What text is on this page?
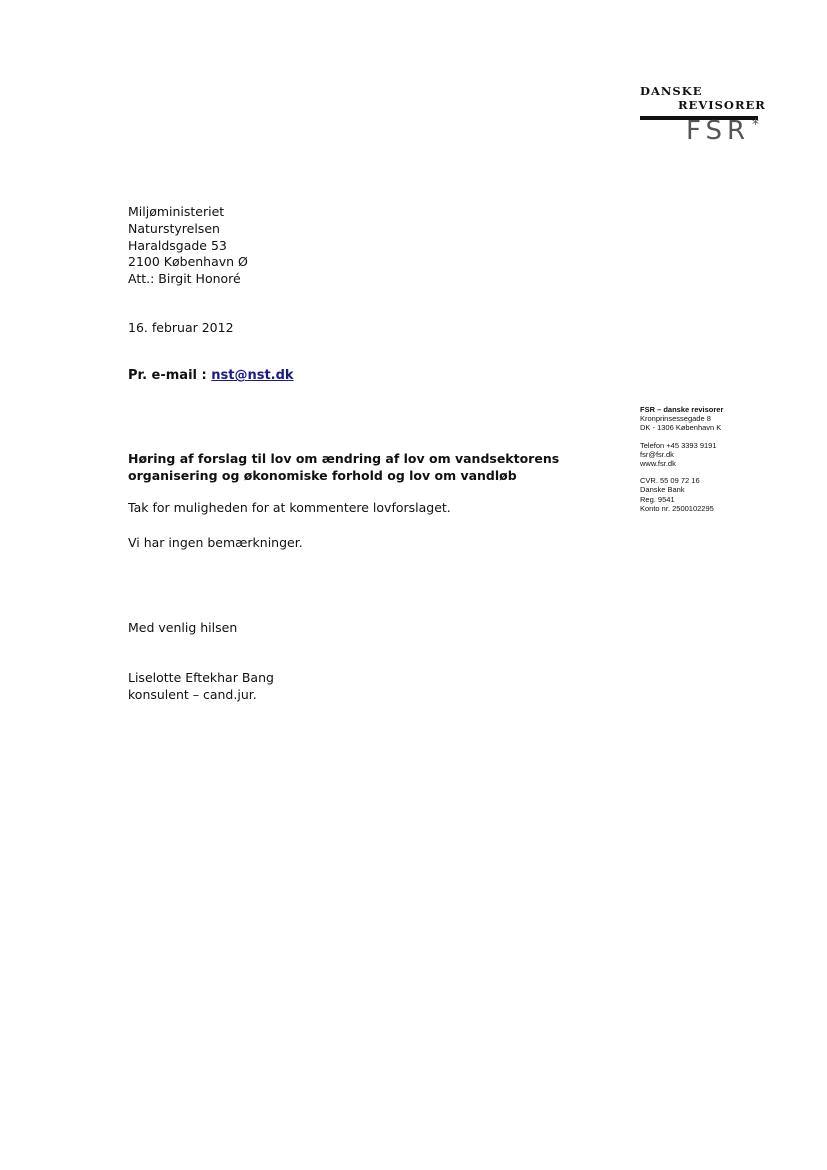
DANSKE
REVISORER
FSR *
Miljøministeriet
Naturstyrelsen
Haraldsgade 53
2100 København Ø
Att.: Birgit Honoré
16. februar 2012
Pr. e-mail : nst@nst.dk
FSR – danske revisorer
Kronprinsessegade 8
DK - 1306 København K
Telefon +45 3393 9191
fsr@fsr.dk
www.fsr.dk
CVR. 55 09 72 16
Danske Bank
Reg. 9541
Konto nr. 2500102295
Høring af forslag til lov om ændring af lov om vandsektorens
organisering og økonomiske forhold og lov om vandløb
Tak for muligheden for at kommentere lovforslaget.
Vi har ingen bemærkninger.
Med venlig hilsen
Liselotte Eftekhar Bang
konsulent – cand.jur.
